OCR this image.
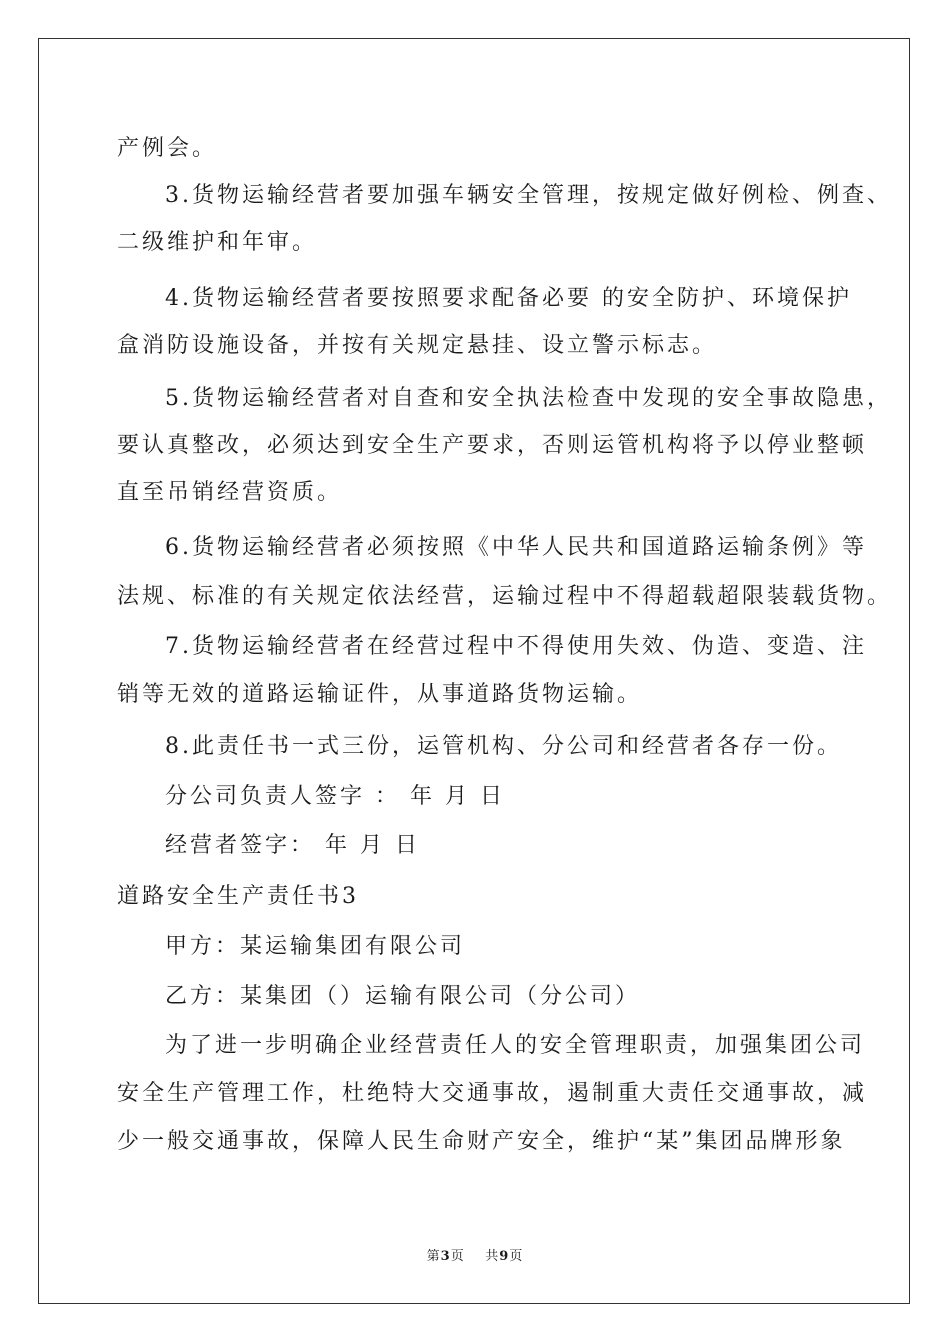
产例会。
3.货物运输经营者要加强车辆安全管理，按规定做好例检、例查、
二级维护和年审。
4.货物运输经营者要按照要求配备必要 的安全防护、环境保护
盒消防设施设备，并按有关规定悬挂、设立警示标志。
5.货物运输经营者对自查和安全执法检查中发现的安全事故隐患，
要认真整改，必须达到安全生产要求，否则运管机构将予以停业整顿
直至吊销经营资质。
6.货物运输经营者必须按照《中华人民共和国道路运输条例》等
法规、标准的有关规定依法经营，运输过程中不得超载超限装载货物。
7.货物运输经营者在经营过程中不得使用失效、伪造、变造、注
销等无效的道路运输证件，从事道路货物运输。
8.此责任书一式三份，运管机构、分公司和经营者各存一份。
分公司负责人签字 ： 年 月 日
经营者签字： 年 月 日
道路安全生产责任书3
甲方：某运输集团有限公司
乙方：某集团（）运输有限公司（分公司）
为了进一步明确企业经营责任人的安全管理职责，加强集团公司
安全生产管理工作，杜绝特大交通事故，遏制重大责任交通事故，减
少一般交通事故，保障人民生命财产安全，维护“某”集团品牌形象
第3页 共9页
